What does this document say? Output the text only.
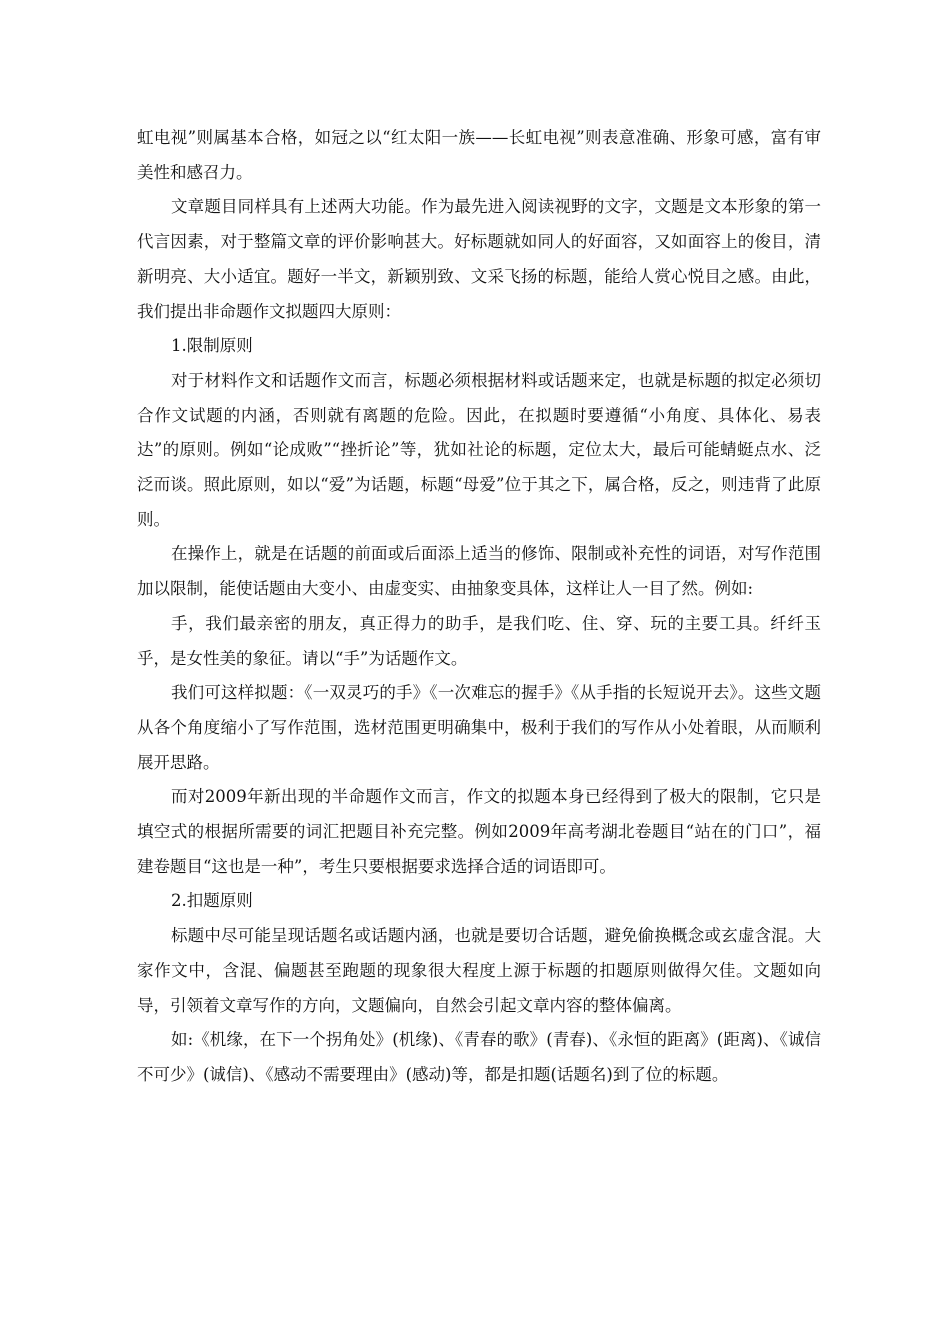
虹电视”则属基本合格，如冠之以“红太阳一族——长虹电视”则表意准确、形象可感，富有审美性和感召力。

文章题目同样具有上述两大功能。作为最先进入阅读视野的文字，文题是文本形象的第一代言因素，对于整篇文章的评价影响甚大。好标题就如同人的好面容，又如面容上的俊目，清新明亮、大小适宜。题好一半文，新颖别致、文采飞扬的标题，能给人赏心悦目之感。由此，我们提出非命题作文拟题四大原则：

1.限制原则

对于材料作文和话题作文而言，标题必须根据材料或话题来定，也就是标题的拟定必须切合作文试题的内涵，否则就有离题的危险。因此，在拟题时要遵循“小角度、具体化、易表达”的原则。例如“论成败”“挫折论”等，犹如社论的标题，定位太大，最后可能蜻蜓点水、泛泛而谈。照此原则，如以“爱”为话题，标题“母爱”位于其之下，属合格，反之，则违背了此原则。

在操作上，就是在话题的前面或后面添上适当的修饰、限制或补充性的词语，对写作范围加以限制，能使话题由大变小、由虚变实、由抽象变具体，这样让人一目了然。例如:

手，我们最亲密的朋友，真正得力的助手，是我们吃、住、穿、玩的主要工具。纤纤玉乎，是女性美的象征。请以“手”为话题作文。

我们可这样拟题：《一双灵巧的手》《一次难忘的握手》《从手指的长短说开去》。这些文题从各个角度缩小了写作范围，选材范围更明确集中，极利于我们的写作从小处着眼，从而顺利展开思路。

而对2009年新出现的半命题作文而言，作文的拟题本身已经得到了极大的限制，它只是填空式的根据所需要的词汇把题目补充完整。例如2009年高考湖北卷题目“站在的门口”，福建卷题目“这也是一种”，考生只要根据要求选择合适的词语即可。

2.扣题原则

标题中尽可能呈现话题名或话题内涵，也就是要切合话题，避免偷换概念或玄虚含混。大家作文中，含混、偏题甚至跑题的现象很大程度上源于标题的扣题原则做得欠佳。文题如向导，引领着文章写作的方向，文题偏向，自然会引起文章内容的整体偏离。

如:《机缘，在下一个拐角处》(机缘)、《青春的歌》(青春)、《永恒的距离》(距离)、《诚信不可少》(诚信)、《感动不需要理由》(感动)等，都是扣题(话题名)到了位的标题。
